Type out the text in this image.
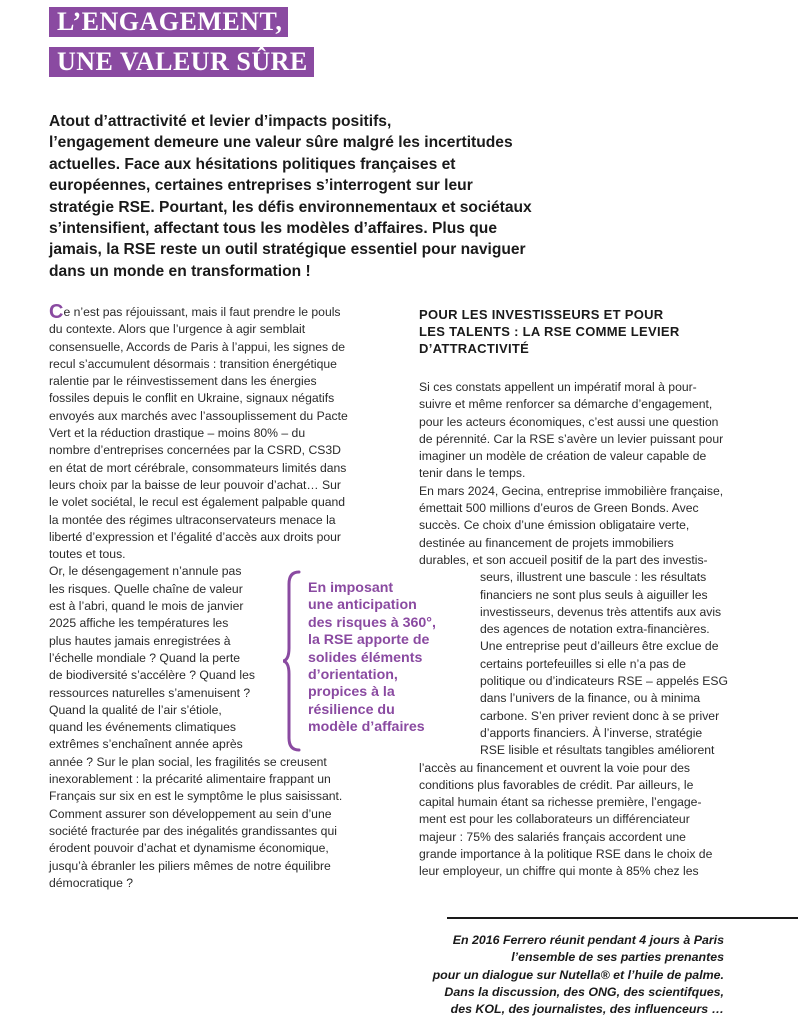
L’ENGAGEMENT,
UNE VALEUR SÛRE
Atout d’attractivité et levier d’impacts positifs,
l’engagement demeure une valeur sûre malgré les incertitudes
actuelles. Face aux hésitations politiques françaises et
européennes, certaines entreprises s’interrogent sur leur
stratégie RSE. Pourtant, les défis environnementaux et sociétaux
s’intensifient, affectant tous les modèles d’affaires. Plus que
jamais, la RSE reste un outil stratégique essentiel pour naviguer
dans un monde en transformation !
Ce n’est pas réjouissant, mais il faut prendre le pouls
du contexte. Alors que l’urgence à agir semblait
consensuelle, Accords de Paris à l’appui, les signes de
recul s’accumulent désormais : transition énergétique
ralentie par le réinvestissement dans les énergies
fossiles depuis le conflit en Ukraine, signaux négatifs
envoyés aux marchés avec l’assouplissement du Pacte
Vert et la réduction drastique – moins 80% – du
nombre d’entreprises concernées par la CSRD, CS3D
en état de mort cérébrale, consommateurs limités dans
leurs choix par la baisse de leur pouvoir d’achat… Sur
le volet sociétal, le recul est également palpable quand
la montée des régimes ultraconservateurs menace la
liberté d’expression et l’égalité d’accès aux droits pour
toutes et tous.
Or, le désengagement n’annule pas
les risques. Quelle chaîne de valeur
est à l’abri, quand le mois de janvier
2025 affiche les températures les
plus hautes jamais enregistrées à
l’échelle mondiale ? Quand la perte
de biodiversité s’accélère ? Quand les
ressources naturelles s’amenuisent ?
Quand la qualité de l’air s’étiole,
quand les événements climatiques
extrêmes s’enchaînent année après
année ? Sur le plan social, les fragilités se creusent
inexorablement : la précarité alimentaire frappant un
Français sur six en est le symptôme le plus saisissant.
Comment assurer son développement au sein d’une
société fracturée par des inégalités grandissantes qui
érodent pouvoir d’achat et dynamisme économique,
jusqu’à ébranler les piliers mêmes de notre équilibre
démocratique ?
POUR LES INVESTISSEURS ET POUR
LES TALENTS : LA RSE COMME LEVIER
D’ATTRACTIVITÉ
Si ces constats appellent un impératif moral à pour-
suivre et même renforcer sa démarche d’engagement,
pour les acteurs économiques, c’est aussi une question
de pérennité. Car la RSE s’avère un levier puissant pour
imaginer un modèle de création de valeur capable de
tenir dans le temps.
En mars 2024, Gecina, entreprise immobilière française,
émettait 500 millions d’euros de Green Bonds. Avec
succès. Ce choix d’une émission obligataire verte,
destinée au financement de projets immobiliers
durables, et son accueil positif de la part des investis-
seurs, illustrent une bascule : les résultats
financiers ne sont plus seuls à aiguiller les
investisseurs, devenus très attentifs aux avis
des agences de notation extra-financières.
Une entreprise peut d’ailleurs être exclue de
certains portefeuilles si elle n’a pas de
politique ou d’indicateurs RSE – appelés ESG
dans l’univers de la finance, ou à minima
carbone. S’en priver revient donc à se priver
d’apports financiers. À l’inverse, stratégie
RSE lisible et résultats tangibles améliorent
l’accès au financement et ouvrent la voie pour des
conditions plus favorables de crédit. Par ailleurs, le
capital humain étant sa richesse première, l’engage-
ment est pour les collaborateurs un différenciateur
majeur : 75% des salariés français accordent une
grande importance à la politique RSE dans le choix de
leur employeur, un chiffre qui monte à 85% chez les
En imposant
une anticipation
des risques à 360°,
la RSE apporte de
solides éléments
d’orientation,
propices à la
résilience du
modèle d’affaires
En 2016 Ferrero réunit pendant 4 jours à Paris
l’ensemble de ses parties prenantes
pour un dialogue sur Nutella® et l’huile de palme.
Dans la discussion, des ONG, des scientifques,
des KOL, des journalistes, des influenceurs …
